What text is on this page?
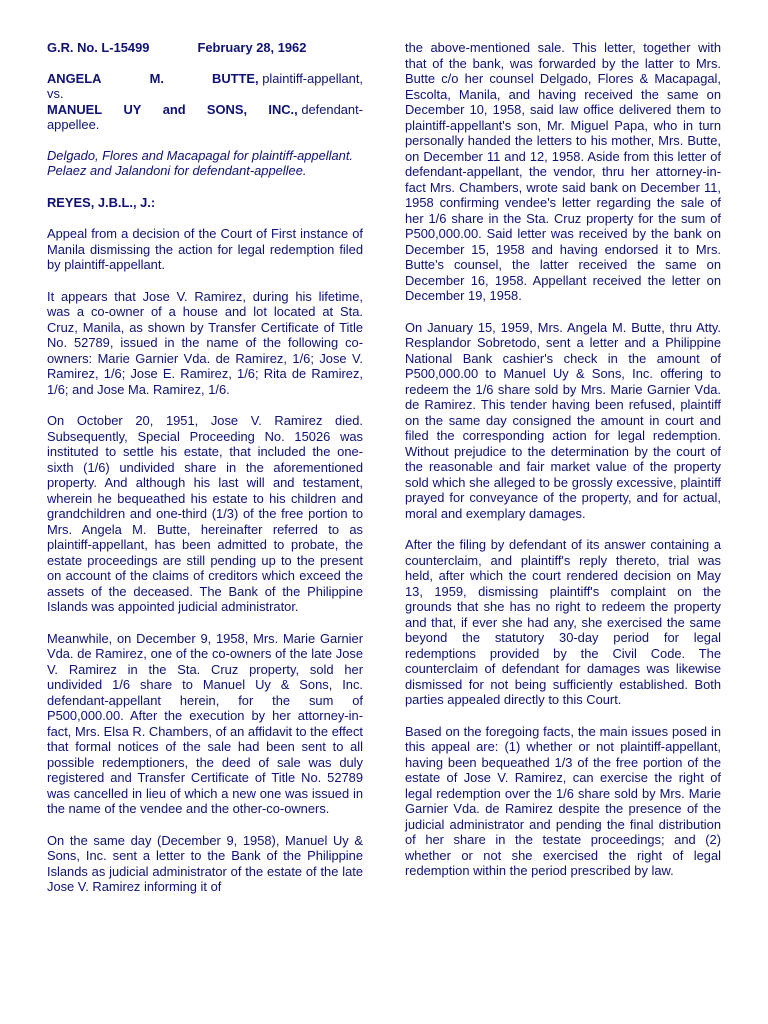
G.R. No. L-15499	February 28, 1962
ANGELA	M.	BUTTE, plaintiff-appellant,
vs.
MANUEL UY and SONS, INC., defendant-
appellee.
Delgado, Flores and Macapagal for plaintiff-appellant.
Pelaez and Jalandoni for defendant-appellee.
REYES, J.B.L., J.:

Appeal from a decision of the Court of First instance of Manila dismissing the action for legal redemption filed by plaintiff-appellant.

It appears that Jose V. Ramirez, during his lifetime, was a co-owner of a house and lot located at Sta. Cruz, Manila, as shown by Transfer Certificate of Title No. 52789, issued in the name of the following co-owners: Marie Garnier Vda. de Ramirez, 1/6; Jose V. Ramirez, 1/6; Jose E. Ramirez, 1/6; Rita de Ramirez, 1/6; and Jose Ma. Ramirez, 1/6.

On October 20, 1951, Jose V. Ramirez died. Subsequently, Special Proceeding No. 15026 was instituted to settle his estate, that included the one-sixth (1/6) undivided share in the aforementioned property. And although his last will and testament, wherein he bequeathed his estate to his children and grandchildren and one-third (1/3) of the free portion to Mrs. Angela M. Butte, hereinafter referred to as plaintiff-appellant, has been admitted to probate, the estate proceedings are still pending up to the present on account of the claims of creditors which exceed the assets of the deceased. The Bank of the Philippine Islands was appointed judicial administrator.

Meanwhile, on December 9, 1958, Mrs. Marie Garnier Vda. de Ramirez, one of the co-owners of the late Jose V. Ramirez in the Sta. Cruz property, sold her undivided 1/6 share to Manuel Uy & Sons, Inc. defendant-appellant herein, for the sum of P500,000.00. After the execution by her attorney-in-fact, Mrs. Elsa R. Chambers, of an affidavit to the effect that formal notices of the sale had been sent to all possible redemptioners, the deed of sale was duly registered and Transfer Certificate of Title No. 52789 was cancelled in lieu of which a new one was issued in the name of the vendee and the other-co-owners.

On the same day (December 9, 1958), Manuel Uy & Sons, Inc. sent a letter to the Bank of the Philippine Islands as judicial administrator of the estate of the late Jose V. Ramirez informing it of

the above-mentioned sale. This letter, together with that of the bank, was forwarded by the latter to Mrs. Butte c/o her counsel Delgado, Flores & Macapagal, Escolta, Manila, and having received the same on December 10, 1958, said law office delivered them to plaintiff-appellant's son, Mr. Miguel Papa, who in turn personally handed the letters to his mother, Mrs. Butte, on December 11 and 12, 1958. Aside from this letter of defendant-appellant, the vendor, thru her attorney-in-fact Mrs. Chambers, wrote said bank on December 11, 1958 confirming vendee's letter regarding the sale of her 1/6 share in the Sta. Cruz property for the sum of P500,000.00. Said letter was received by the bank on December 15, 1958 and having endorsed it to Mrs. Butte's counsel, the latter received the same on December 16, 1958. Appellant received the letter on December 19, 1958.

On January 15, 1959, Mrs. Angela M. Butte, thru Atty. Resplandor Sobretodo, sent a letter and a Philippine National Bank cashier's check in the amount of P500,000.00 to Manuel Uy & Sons, Inc. offering to redeem the 1/6 share sold by Mrs. Marie Garnier Vda. de Ramirez. This tender having been refused, plaintiff on the same day consigned the amount in court and filed the corresponding action for legal redemption. Without prejudice to the determination by the court of the reasonable and fair market value of the property sold which she alleged to be grossly excessive, plaintiff prayed for conveyance of the property, and for actual, moral and exemplary damages.

After the filing by defendant of its answer containing a counterclaim, and plaintiff's reply thereto, trial was held, after which the court rendered decision on May 13, 1959, dismissing plaintiff's complaint on the grounds that she has no right to redeem the property and that, if ever she had any, she exercised the same beyond the statutory 30-day period for legal redemptions provided by the Civil Code. The counterclaim of defendant for damages was likewise dismissed for not being sufficiently established. Both parties appealed directly to this Court.

Based on the foregoing facts, the main issues posed in this appeal are: (1) whether or not plaintiff-appellant, having been bequeathed 1/3 of the free portion of the estate of Jose V. Ramirez, can exercise the right of legal redemption over the 1/6 share sold by Mrs. Marie Garnier Vda. de Ramirez despite the presence of the judicial administrator and pending the final distribution of her share in the testate proceedings; and (2) whether or not she exercised the right of legal redemption within the period prescribed by law.
